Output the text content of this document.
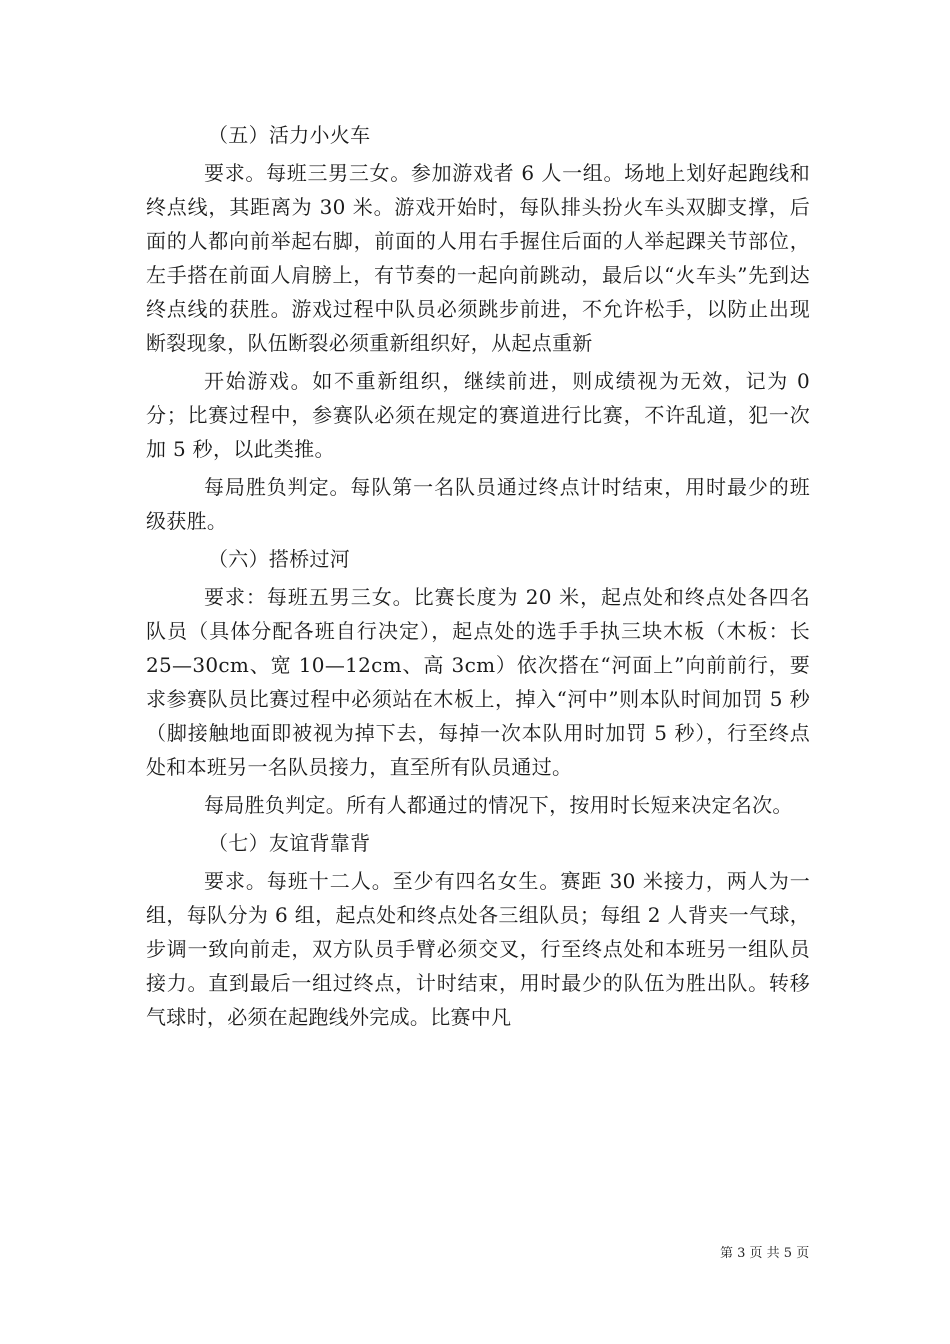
（五）活力小火车

要求。每班三男三女。参加游戏者 6 人一组。场地上划好起跑线和终点线，其距离为 30 米。游戏开始时，每队排头扮火车头双脚支撑，后面的人都向前举起右脚，前面的人用右手握住后面的人举起踝关节部位，左手搭在前面人肩膀上，有节奏的一起向前跳动，最后以“火车头”先到达终点线的获胜。游戏过程中队员必须跳步前进，不允许松手，以防止出现断裂现象，队伍断裂必须重新组织好，从起点重新

开始游戏。如不重新组织，继续前进，则成绩视为无效，记为 0 分；比赛过程中，参赛队必须在规定的赛道进行比赛，不许乱道，犯一次加 5 秒，以此类推。

每局胜负判定。每队第一名队员通过终点计时结束，用时最少的班级获胜。

（六）搭桥过河

要求：每班五男三女。比赛长度为 20 米，起点处和终点处各四名队员（具体分配各班自行决定），起点处的选手手执三块木板（木板：长 25—30cm、宽 10—12cm、高 3cm）依次搭在“河面上”向前前行，要求参赛队员比赛过程中必须站在木板上，掉入“河中”则本队时间加罚 5 秒（脚接触地面即被视为掉下去，每掉一次本队用时加罚 5 秒），行至终点处和本班另一名队员接力，直至所有队员通过。

每局胜负判定。所有人都通过的情况下，按用时长短来决定名次。

（七）友谊背靠背

要求。每班十二人。至少有四名女生。赛距 30 米接力，两人为一组，每队分为 6 组，起点处和终点处各三组队员；每组 2 人背夹一气球，步调一致向前走，双方队员手臂必须交叉，行至终点处和本班另一组队员接力。直到最后一组过终点，计时结束，用时最少的队伍为胜出队。转移气球时，必须在起跑线外完成。比赛中凡

第 3 页 共 5 页
